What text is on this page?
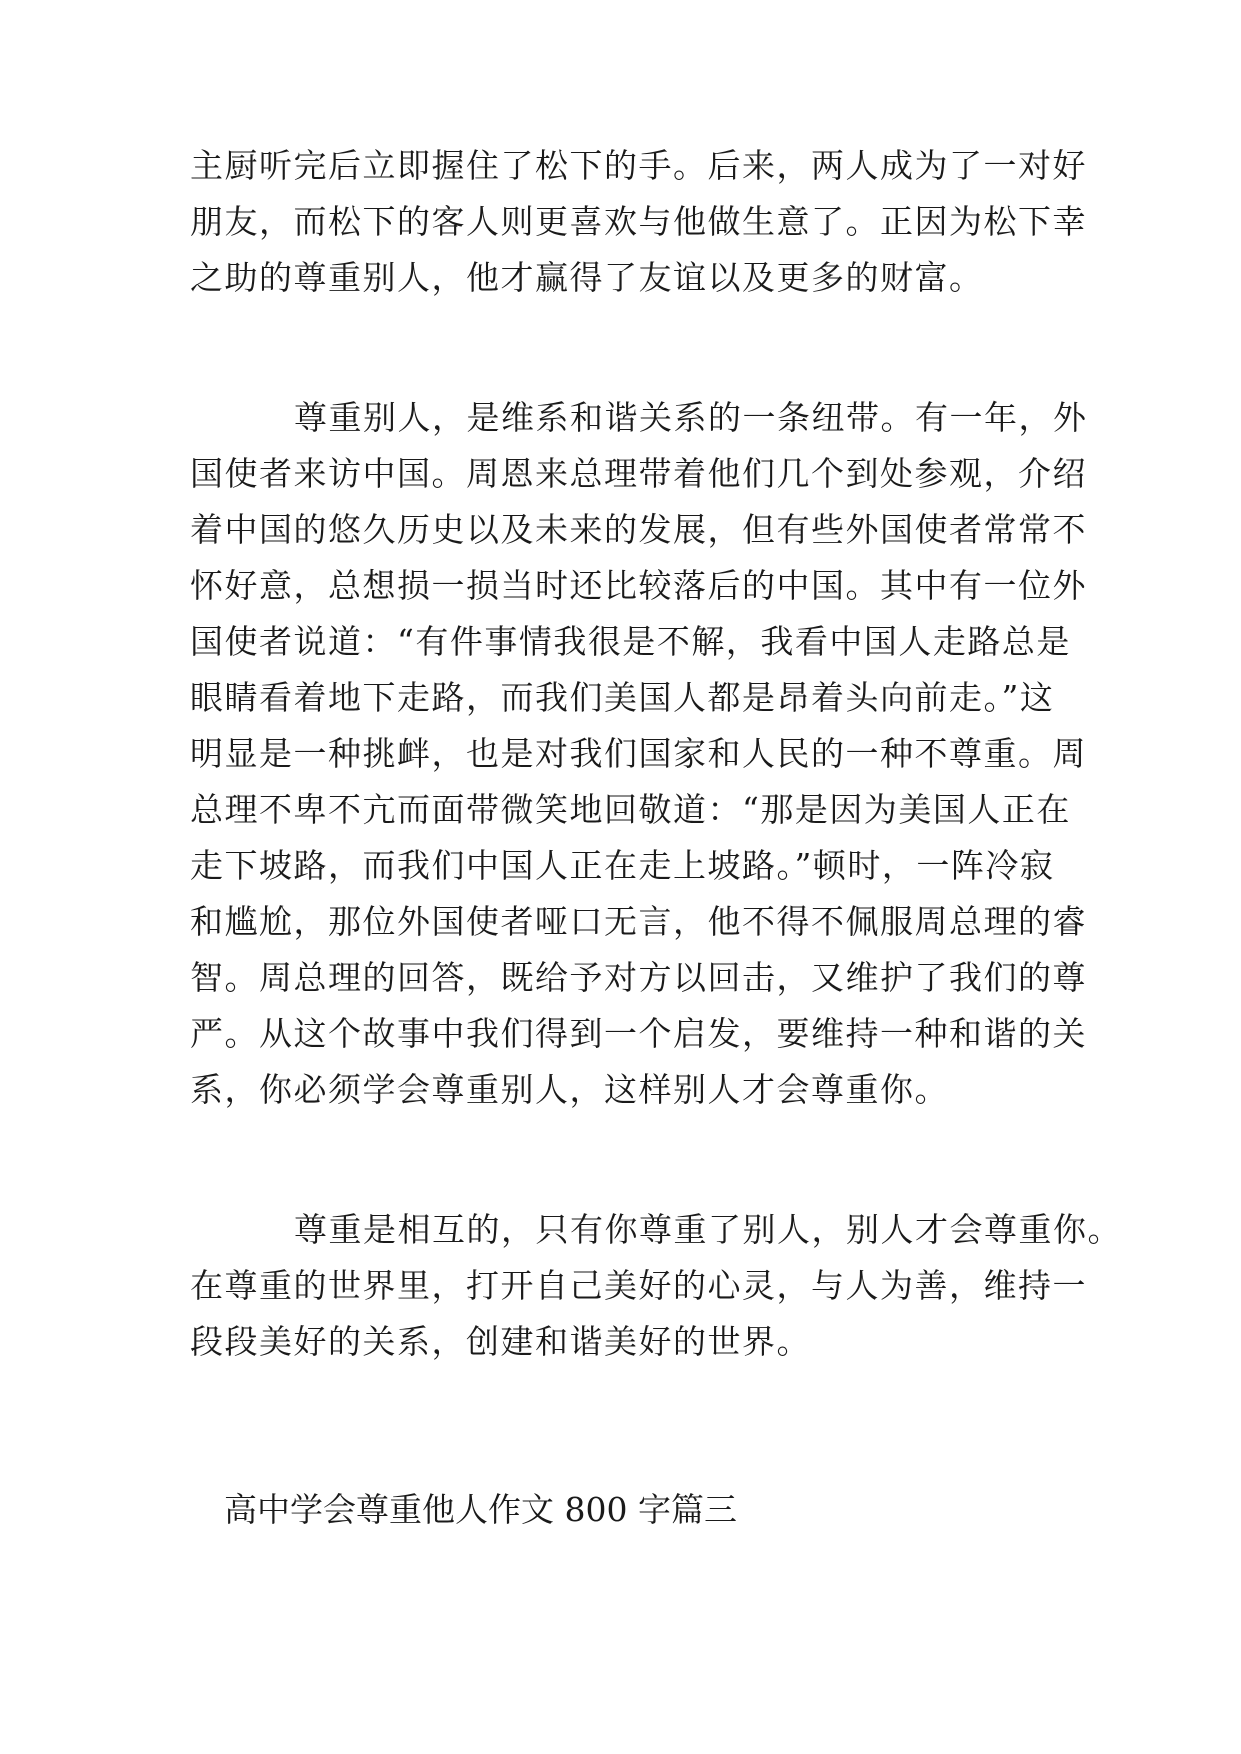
主厨听完后立即握住了松下的手。后来，两人成为了一对好
朋友，而松下的客人则更喜欢与他做生意了。正因为松下幸
之助的尊重别人，他才赢得了友谊以及更多的财富。
尊重别人，是维系和谐关系的一条纽带。有一年，外
国使者来访中国。周恩来总理带着他们几个到处参观，介绍
着中国的悠久历史以及未来的发展，但有些外国使者常常不
怀好意，总想损一损当时还比较落后的中国。其中有一位外
国使者说道：“有件事情我很是不解，我看中国人走路总是
眼睛看着地下走路，而我们美国人都是昂着头向前走。”这
明显是一种挑衅，也是对我们国家和人民的一种不尊重。周
总理不卑不亢而面带微笑地回敬道：“那是因为美国人正在
走下坡路，而我们中国人正在走上坡路。”顿时，一阵冷寂
和尴尬，那位外国使者哑口无言，他不得不佩服周总理的睿
智。周总理的回答，既给予对方以回击，又维护了我们的尊
严。从这个故事中我们得到一个启发，要维持一种和谐的关
系，你必须学会尊重别人，这样别人才会尊重你。
尊重是相互的，只有你尊重了别人，别人才会尊重你。
在尊重的世界里，打开自己美好的心灵，与人为善，维持一
段段美好的关系，创建和谐美好的世界。
高中学会尊重他人作文 800 字篇三
